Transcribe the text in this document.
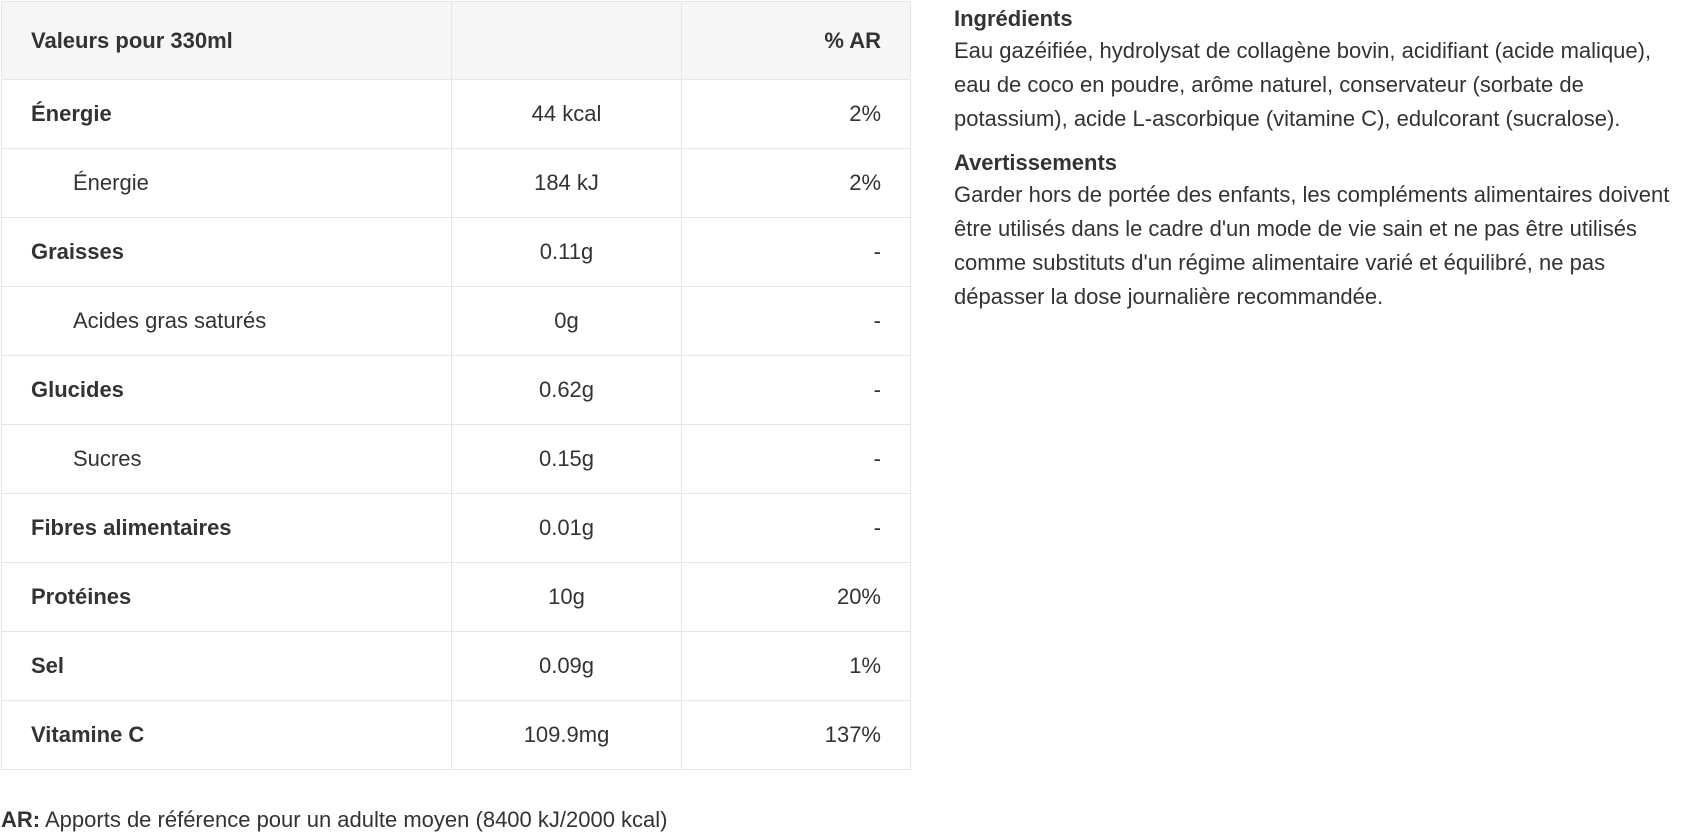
Valeurs pour 330ml		% AR
Énergie	44 kcal	2%
Énergie	184 kJ	2%
Graisses	0.11g	-
Acides gras saturés	0g	-
Glucides	0.62g	-
Sucres	0.15g	-
Fibres alimentaires	0.01g	-
Protéines	10g	20%
Sel	0.09g	1%
Vitamine C	109.9mg	137%
AR: Apports de référence pour un adulte moyen (8400 kJ/2000 kcal)
Ingrédients

Eau gazéifiée, hydrolysat de collagène bovin, acidifiant (acide malique), eau de coco en poudre, arôme naturel, conservateur (sorbate de potassium), acide L-ascorbique (vitamine C), edulcorant (sucralose).

Avertissements

Garder hors de portée des enfants, les compléments alimentaires doivent être utilisés dans le cadre d'un mode de vie sain et ne pas être utilisés comme substituts d'un régime alimentaire varié et équilibré, ne pas dépasser la dose journalière recommandée.
